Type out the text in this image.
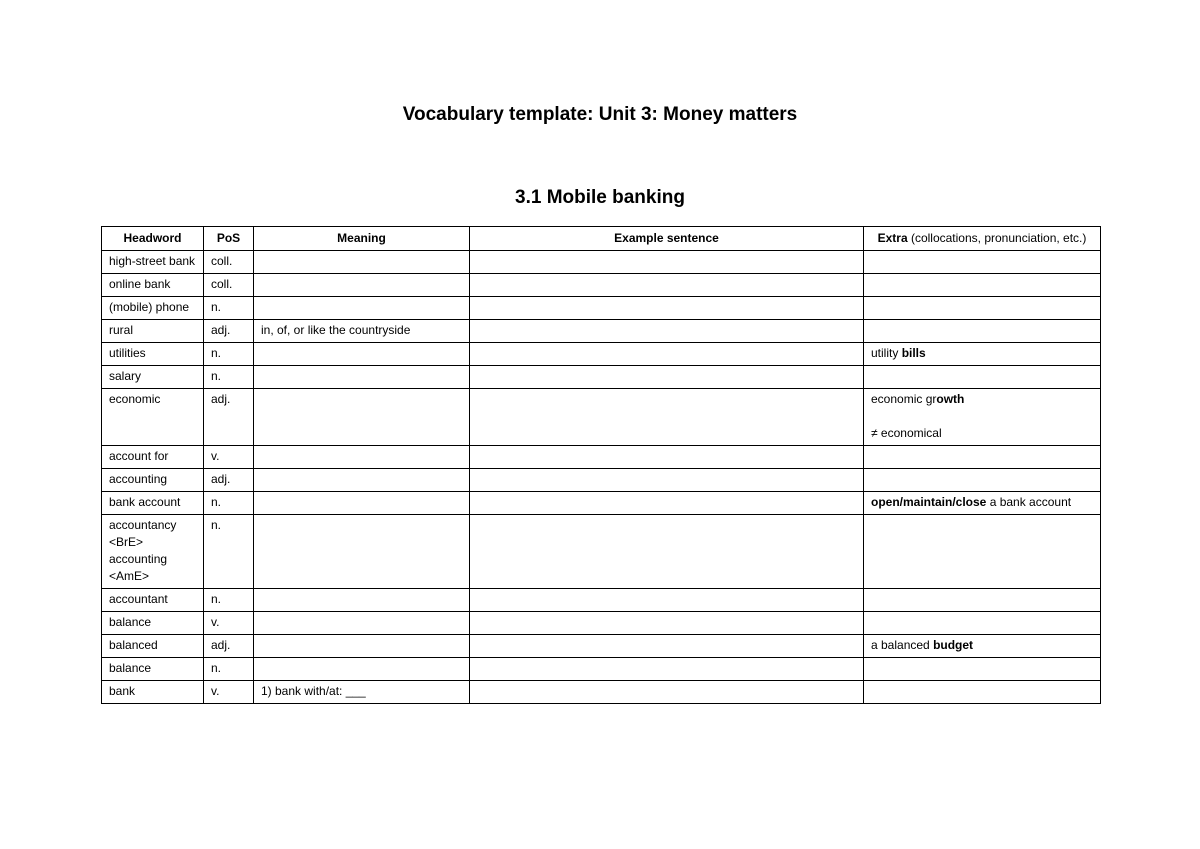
Vocabulary template: Unit 3: Money matters
3.1 Mobile banking
Headword	PoS	Meaning	Example sentence	Extra (collocations, pronunciation, etc.)
high-street bank	coll.			
online bank	coll.			
(mobile) phone	n.			
rural	adj.	in, of, or like the countryside		
utilities	n.			utility bills
salary	n.			
economic	adj.			economic growth
≠ economical

account for	v.			
accounting	adj.			
bank account	n.			open/maintain/close a bank account
accountancy <BrE> accounting <AmE>	n.			
accountant	n.			
balance	v.			
balanced	adj.			a balanced budget
balance	n.			
bank	v.	1) bank with/at: ___		
